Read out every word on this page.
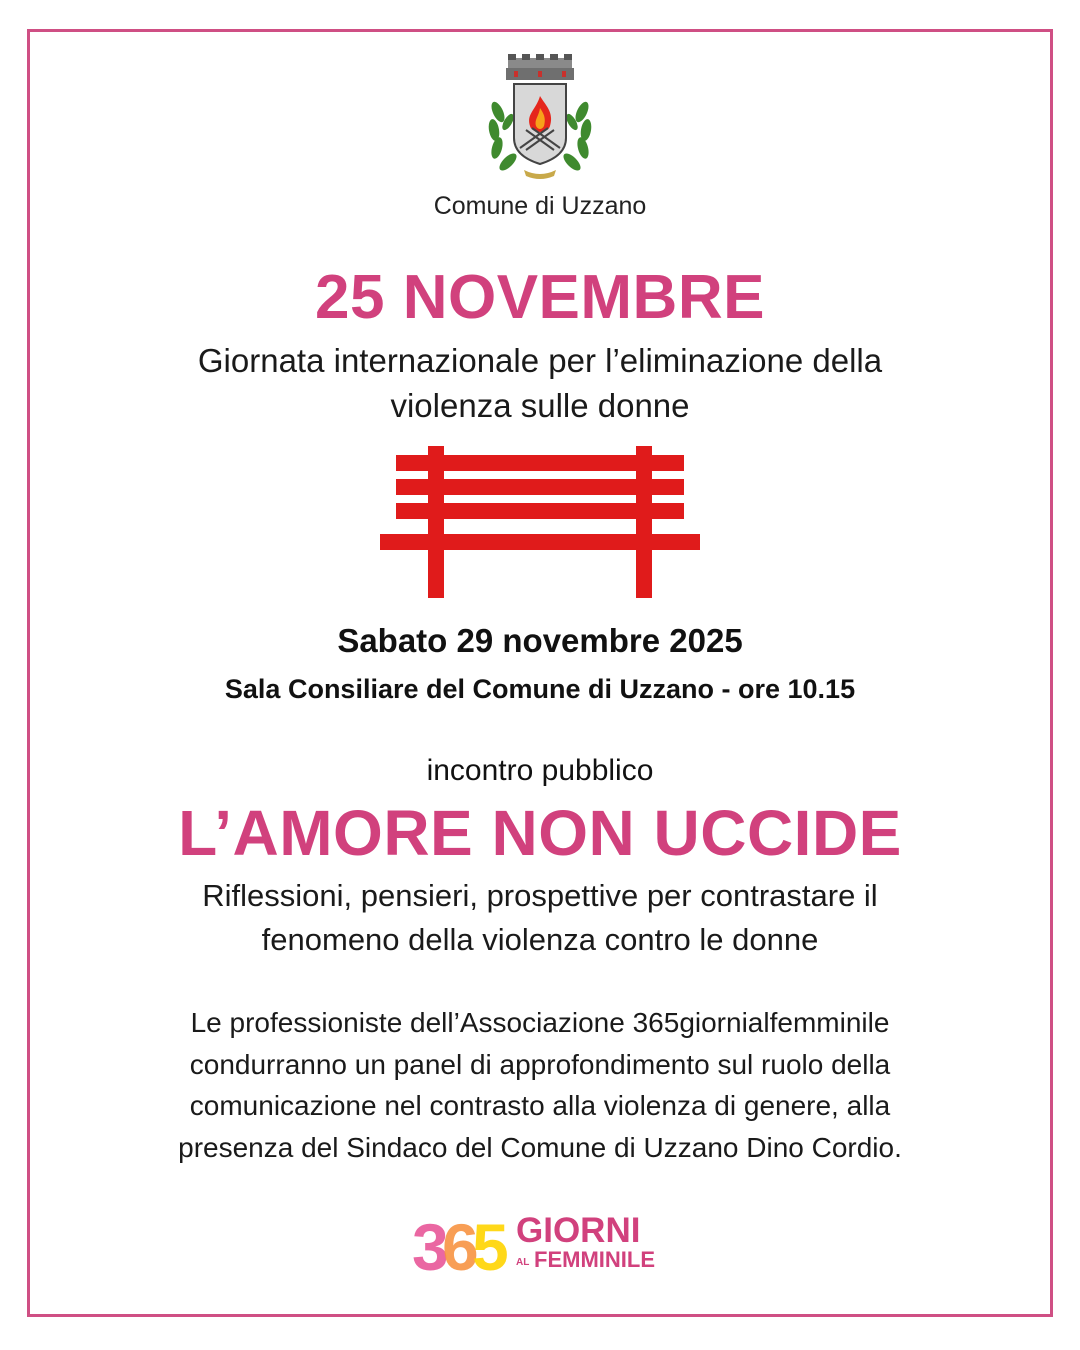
Comune di Uzzano
25 NOVEMBRE
Giornata internazionale per l’eliminazione della
violenza sulle donne
Sabato 29 novembre 2025
Sala Consiliare del Comune di Uzzano - ore 10.15
incontro pubblico
L’AMORE NON UCCIDE
Riflessioni, pensieri, prospettive per contrastare il
fenomeno della violenza contro le donne
Le professioniste dell’Associazione 365giornialfemminile
condurranno un panel di approfondimento sul ruolo della
comunicazione nel contrasto alla violenza di genere, alla
presenza del Sindaco del Comune di Uzzano Dino Cordio.
3
6
5 GIORNI
AL FEMMINILE
